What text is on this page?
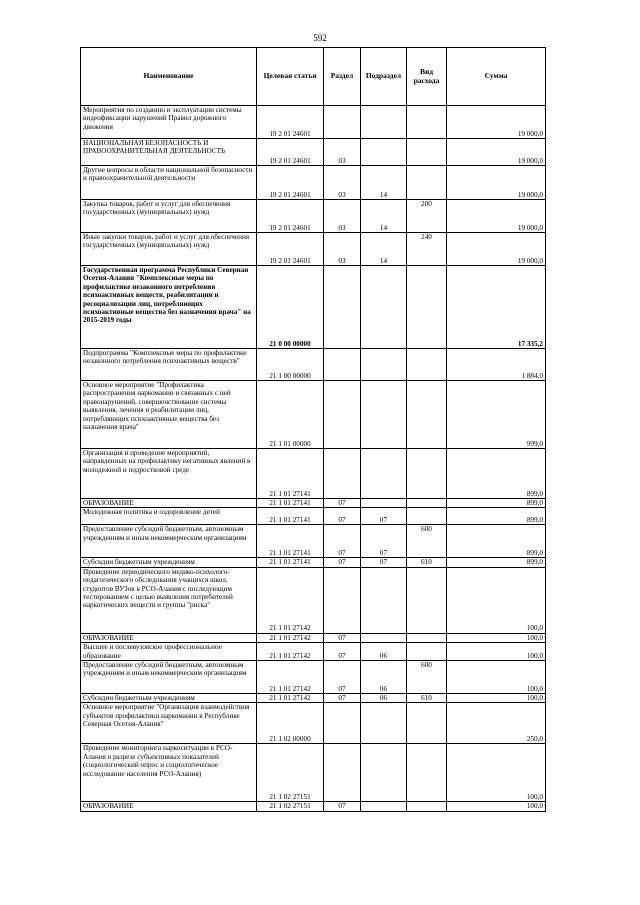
592
Наименование	Целевая статья	Раздел	Подраздел	Вид расхода	Сумма
Мероприятия по созданию и эксплуатации системы видеофиксации нарушений Правил дорожного движения	19 2 01 24601				19 000,0
НАЦИОНАЛЬНАЯ БЕЗОПАСНОСТЬ И ПРАВООХРАНИТЕЛЬНАЯ ДЕЯТЕЛЬНОСТЬ	19 2 01 24601	03			19 000,0
Другие вопросы в области национальной безопасности и правоохранительной деятельности	19 2 01 24601	03	14		19 000,0
Закупка товаров, работ и услуг для обеспечения государственных (муниципальных) нужд	19 2 01 24601	03	14	200	19 000,0
Иные закупки товаров, работ и услуг для обеспечения государственных (муниципальных) нужд	19 2 01 24601	03	14	240	19 000,0
Государственная программа Республики Северная Осетия-Алания "Комплексные меры по профилактике незаконного потребления психоактивных веществ, реабилитации и ресоциализации лиц, потребляющих психоактивные вещества без назначения врача" на 2015-2019 годы	21 0 00 00000				17 335,2
Подпрограмма "Комплексные меры по профилактике незаконного потребления психоактивных веществ"	21 1 00 00000				1 884,0
Основное мероприятие "Профилактика распространения наркомании и связанных с ней правонарушений, совершенствование системы выявления, лечения и реабилитации лиц, потребляющих психоактивные вещества без назначения врача"	21 1 01 00000				999,0
Организация и проведение мероприятий, направленных на профилактику негативных явлений в молодежной и подростковой среде	21 1 01 27141				899,0
ОБРАЗОВАНИЕ	21 1 01 27141	07			899,0
Молодежная политика и оздоровление детей	21 1 01 27141	07	07		899,0
Предоставление субсидий бюджетным, автономным учреждениям и иным некоммерческим организациям	21 1 01 27141	07	07	600	899,0
Субсидии бюджетным учреждениям	21 1 01 27141	07	07	610	899,0
Проведение периодического медико-психолого-педагогического обследования учащихся школ, студентов ВУЗов в РСО-Алания с последующим тестированием с целью выявления потребителей наркотических веществ и группы "риска"	21 1 01 27142				100,0
ОБРАЗОВАНИЕ	21 1 01 27142	07			100,0
Высшее и послевузовское профессиональное образование	21 1 01 27142	07	06		100,0
Предоставление субсидий бюджетным, автономным учреждениям и иным некоммерческим организациям	21 1 01 27142	07	06	600	100,0
Субсидии бюджетным учреждениям	21 1 01 27142	07	06	610	100,0
Основное мероприятие "Организация взаимодействия субъектов профилактики наркомании в Республике Северная Осетия-Алания"	21 1 02 00000				250,0
Проведение мониторинга наркоситуации в РСО-Алания в разрезе субъективных показателей (социологический опрос и социологическое исследование населения РСО-Алания)	21 1 02 27151				100,0
ОБРАЗОВАНИЕ	21 1 02 27151	07			100,0
